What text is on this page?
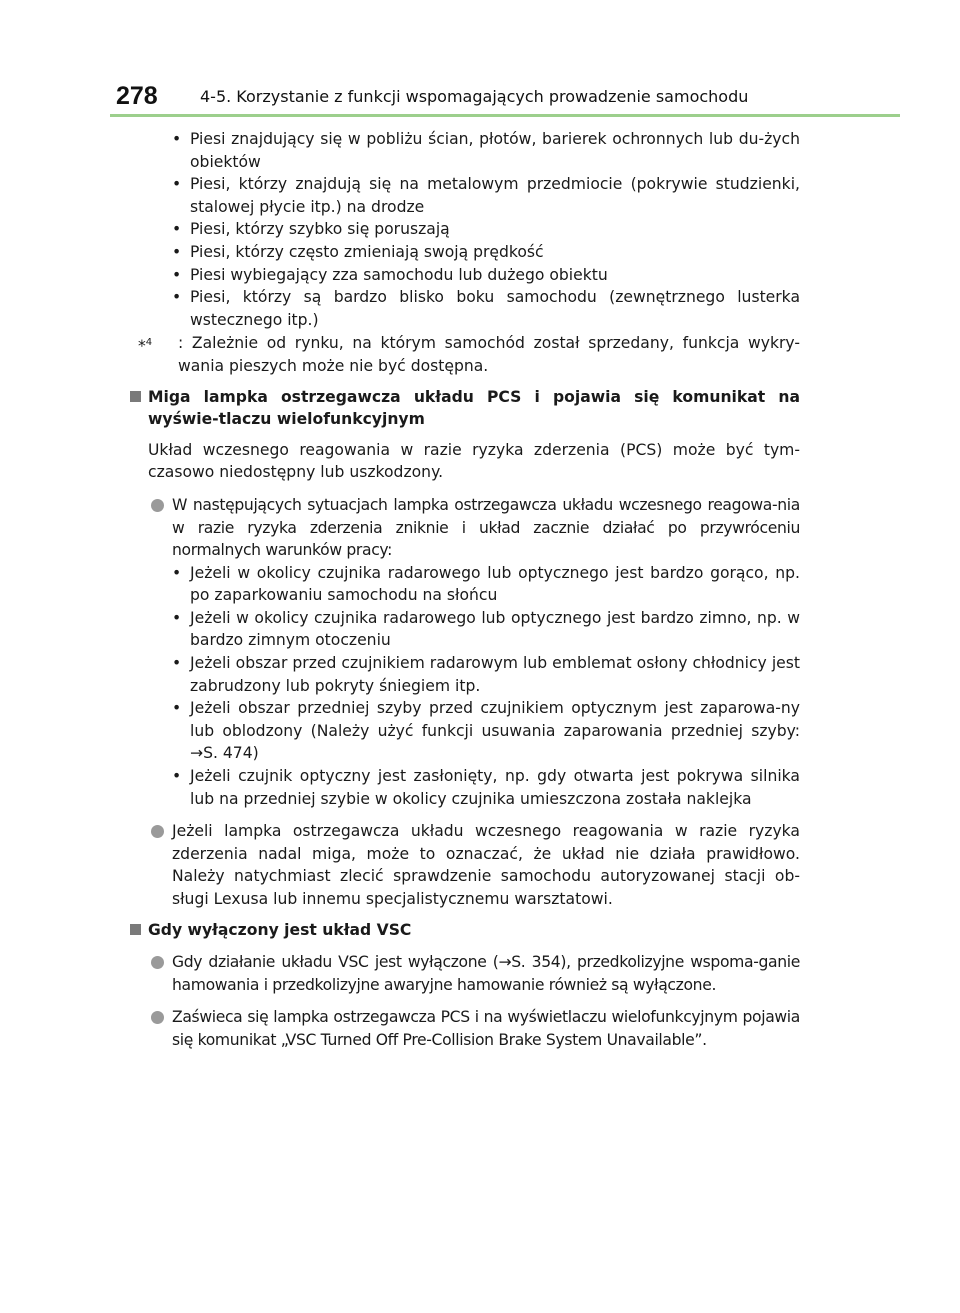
278	4-5. Korzystanie z funkcji wspomagających prowadzenie samochodu
• Piesi znajdujący się w pobliżu ścian, płotów, barierek ochronnych lub du-żych obiektów
• Piesi, którzy znajdują się na metalowym przedmiocie (pokrywie studzienki, stalowej płycie itp.) na drodze
• Piesi, którzy szybko się poruszają
• Piesi, którzy często zmieniają swoją prędkość
• Piesi wybiegający zza samochodu lub dużego obiektu
• Piesi, którzy są bardzo blisko boku samochodu (zewnętrznego lusterka wstecznego itp.)
*$^4$ : Zależnie od rynku, na którym samochód został sprzedany, funkcja wykry-wania pieszych może nie być dostępna.
Miga lampka ostrzegawcza układu PCS i pojawia się komunikat na wyświe-tlaczu wielofunkcyjnym
Układ wczesnego reagowania w razie ryzyka zderzenia (PCS) może być tym-czasowo niedostępny lub uszkodzony.
W następujących sytuacjach lampka ostrzegawcza układu wczesnego reagowa-nia w razie ryzyka zderzenia zniknie i układ zacznie działać po przywróceniu normalnych warunków pracy:
• Jeżeli w okolicy czujnika radarowego lub optycznego jest bardzo gorąco, np. po zaparkowaniu samochodu na słońcu
• Jeżeli w okolicy czujnika radarowego lub optycznego jest bardzo zimno, np. w bardzo zimnym otoczeniu
• Jeżeli obszar przed czujnikiem radarowym lub emblemat osłony chłodnicy jest zabrudzony lub pokryty śniegiem itp.
• Jeżeli obszar przedniej szyby przed czujnikiem optycznym jest zaparowa-ny lub oblodzony (Należy użyć funkcji usuwania zaparowania przedniej szyby: →S. 474)
• Jeżeli czujnik optyczny jest zasłonięty, np. gdy otwarta jest pokrywa silnika lub na przedniej szybie w okolicy czujnika umieszczona została naklejka
Jeżeli lampka ostrzegawcza układu wczesnego reagowania w razie ryzyka zderzenia nadal miga, może to oznaczać, że układ nie działa prawidłowo. Należy natychmiast zlecić sprawdzenie samochodu autoryzowanej stacji ob-sługi Lexusa lub innemu specjalistycznemu warsztatowi.
Gdy wyłączony jest układ VSC
Gdy działanie układu VSC jest wyłączone (→S. 354), przedkolizyjne wspoma-ganie hamowania i przedkolizyjne awaryjne hamowanie również są wyłączone.
Zaświeca się lampka ostrzegawcza PCS i na wyświetlaczu wielofunkcyjnym pojawia się komunikat „VSC Turned Off Pre-Collision Brake System Unavailable”.
